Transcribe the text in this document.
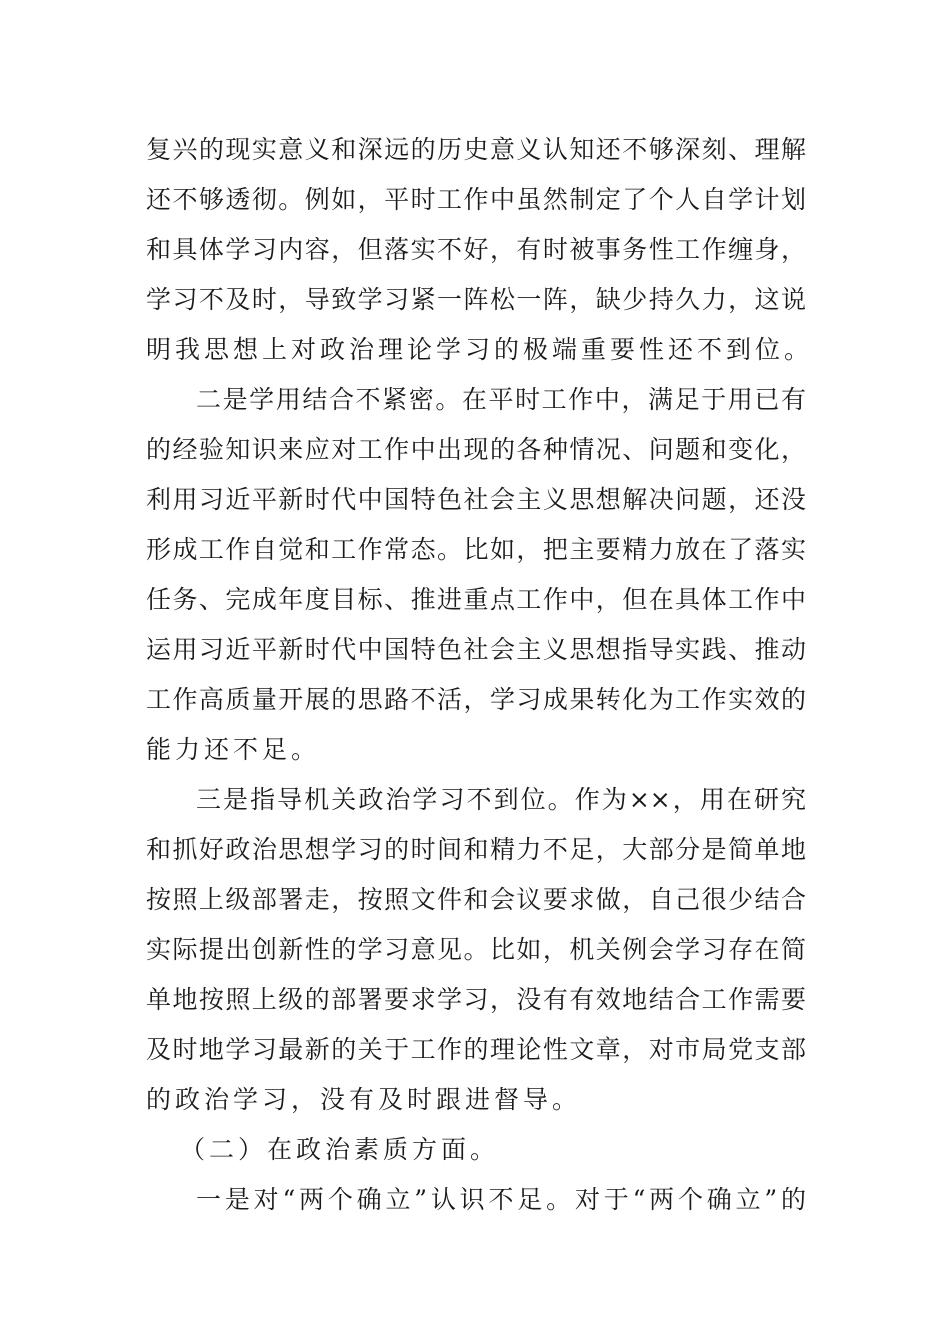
复兴的现实意义和深远的历史意义认知还不够深刻、理解
还不够透彻。例如，平时工作中虽然制定了个人自学计划
和具体学习内容，但落实不好，有时被事务性工作缠身，
学习不及时，导致学习紧一阵松一阵，缺少持久力，这说
明我思想上对政治理论学习的极端重要性还不到位。
二是学用结合不紧密。在平时工作中，满足于用已有
的经验知识来应对工作中出现的各种情况、问题和变化，
利用习近平新时代中国特色社会主义思想解决问题，还没
形成工作自觉和工作常态。比如，把主要精力放在了落实
任务、完成年度目标、推进重点工作中，但在具体工作中
运用习近平新时代中国特色社会主义思想指导实践、推动
工作高质量开展的思路不活，学习成果转化为工作实效的
能力还不足。
三是指导机关政治学习不到位。作为××，用在研究
和抓好政治思想学习的时间和精力不足，大部分是简单地
按照上级部署走，按照文件和会议要求做，自己很少结合
实际提出创新性的学习意见。比如，机关例会学习存在简
单地按照上级的部署要求学习，没有有效地结合工作需要
及时地学习最新的关于工作的理论性文章，对市局党支部
的政治学习，没有及时跟进督导。
（二）在政治素质方面。
一是对“两个确立”认识不足。对于“两个确立”的
